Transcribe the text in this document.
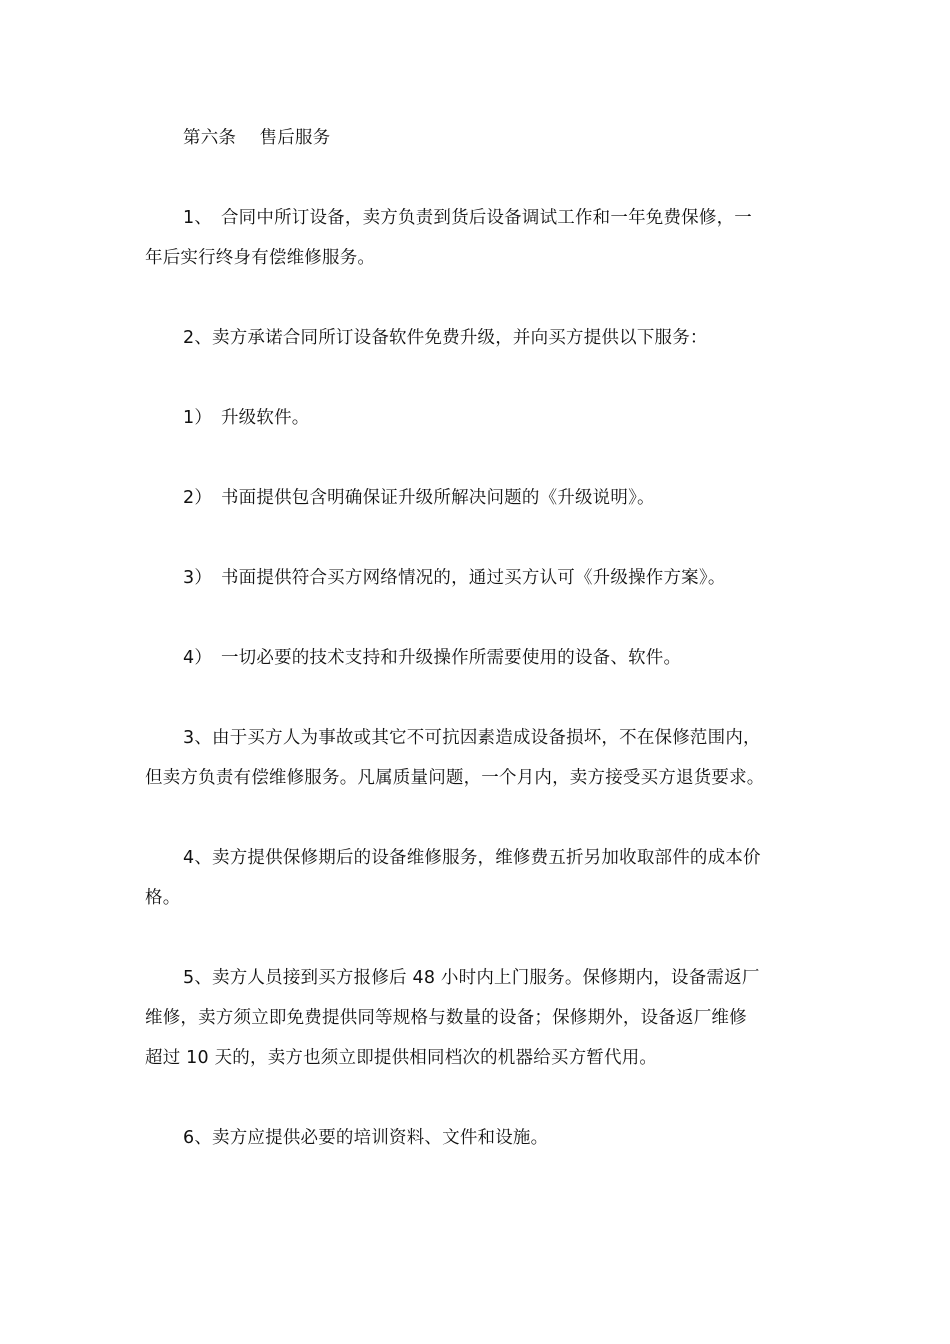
第六条　 售后服务
1、　合同中所订设备，卖方负责到货后设备调试工作和一年免费保修，一
年后实行终身有偿维修服务。
2、卖方承诺合同所订设备软件免费升级，并向买方提供以下服务：
1）　升级软件。
2）　书面提供包含明确保证升级所解决问题的《升级说明》。
3）　书面提供符合买方网络情况的，通过买方认可《升级操作方案》。
4）　一切必要的技术支持和升级操作所需要使用的设备、软件。
3、由于买方人为事故或其它不可抗因素造成设备损坏，不在保修范围内，
但卖方负责有偿维修服务。凡属质量问题，一个月内，卖方接受买方退货要求。
4、卖方提供保修期后的设备维修服务，维修费五折另加收取部件的成本价
格。
5、卖方人员接到买方报修后 48 小时内上门服务。保修期内，设备需返厂
维修，卖方须立即免费提供同等规格与数量的设备；保修期外，设备返厂维修
超过 10 天的，卖方也须立即提供相同档次的机器给买方暂代用。
6、卖方应提供必要的培训资料、文件和设施。
